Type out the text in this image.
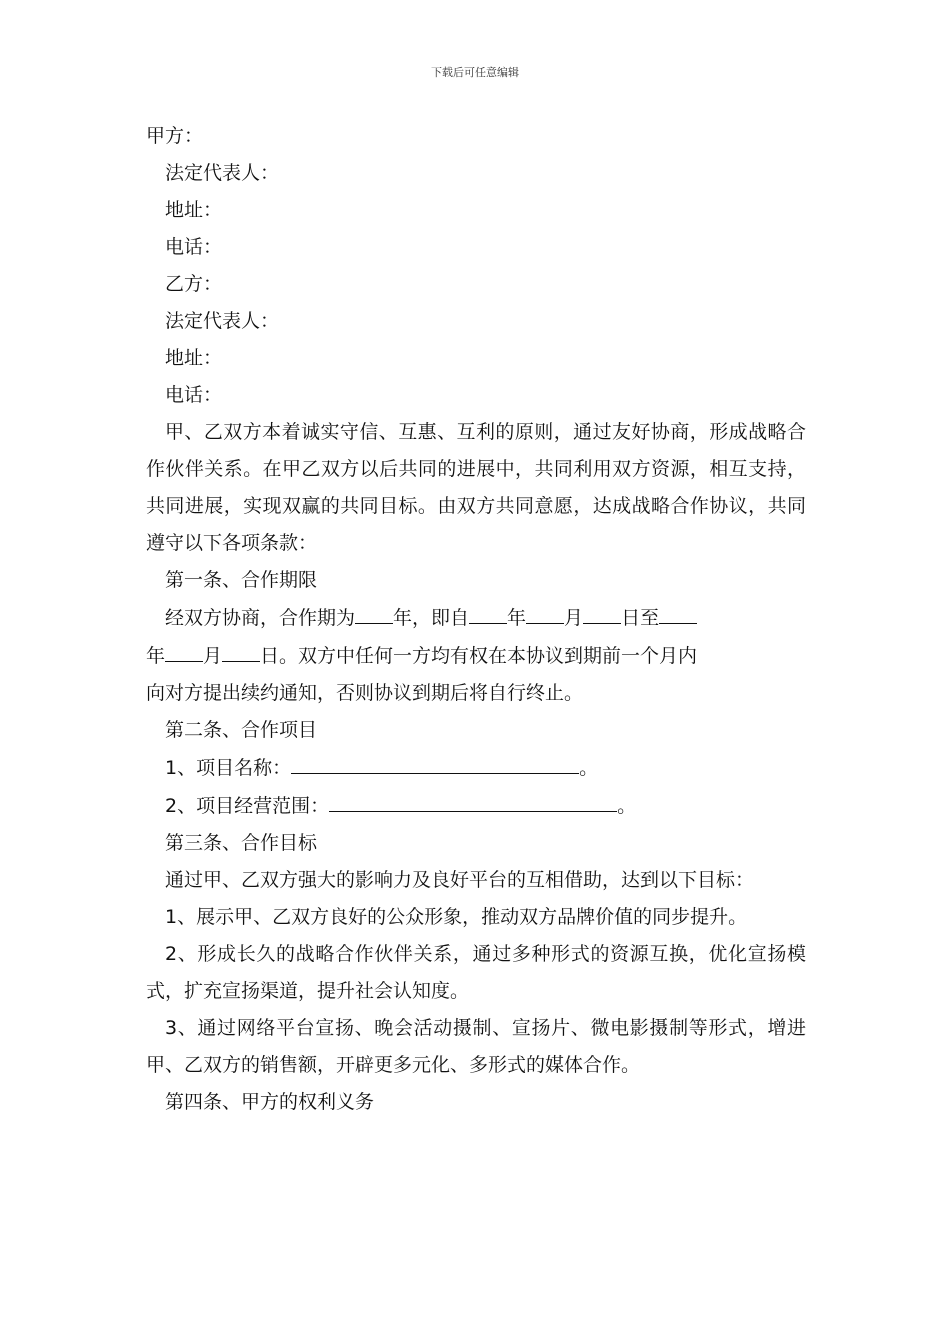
下载后可任意编辑

甲方：

法定代表人：

地址：

电话：

乙方：

法定代表人：

地址：

电话：

甲、乙双方本着诚实守信、互惠、互利的原则，通过友好协商，形成战略合作伙伴关系。在甲乙双方以后共同的进展中，共同利用双方资源，相互支持，共同进展，实现双赢的共同目标。由双方共同意愿，达成战略合作协议，共同遵守以下各项条款：

第一条、合作期限

经双方协商，合作期为 年，即自 年 月 日至

年 月 日。双方中任何一方均有权在本协议到期前一个月内

向对方提出续约通知，否则协议到期后将自行终止。

第二条、合作项目

1、项目名称：	。

2、项目经营范围：	。

第三条、合作目标

通过甲、乙双方强大的影响力及良好平台的互相借助，达到以下目标：

1、展示甲、乙双方良好的公众形象，推动双方品牌价值的同步提升。

2、形成长久的战略合作伙伴关系，通过多种形式的资源互换，优化宣扬模式，扩充宣扬渠道，提升社会认知度。

3、通过网络平台宣扬、晚会活动摄制、宣扬片、微电影摄制等形式，增进甲、乙双方的销售额，开辟更多元化、多形式的媒体合作。

第四条、甲方的权利义务
